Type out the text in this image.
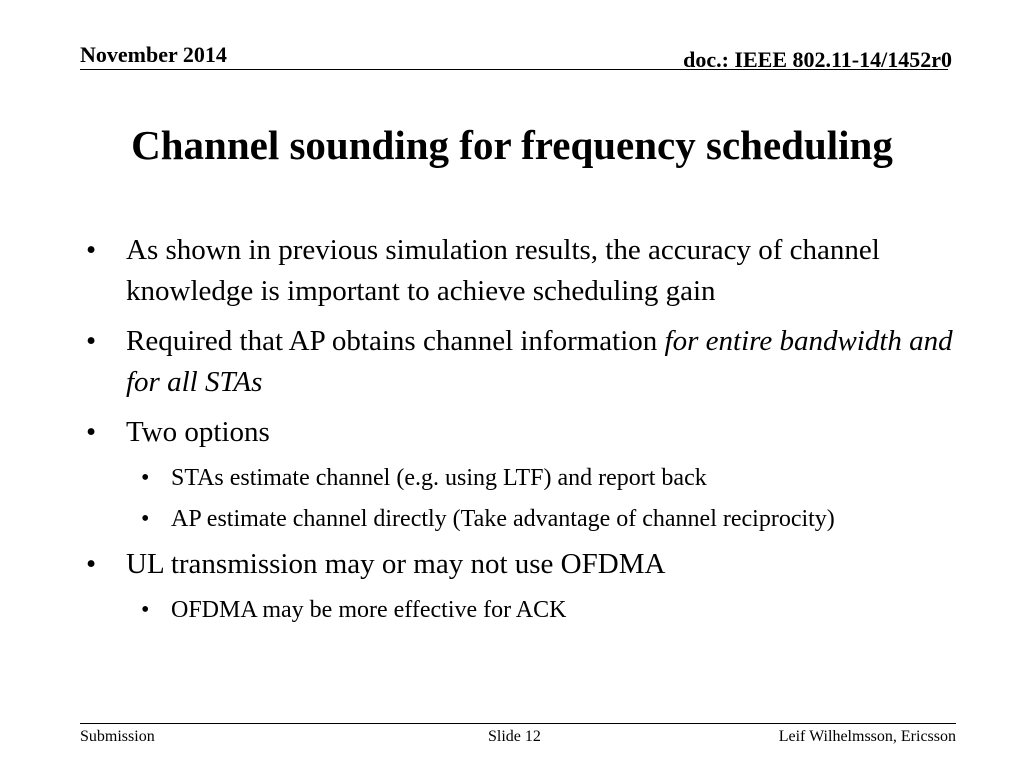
November 2014	doc.: IEEE 802.11-14/1452r0
Channel sounding for frequency scheduling
•	As shown in previous simulation results, the accuracy of channel knowledge is important to achieve scheduling gain
•	Required that AP obtains channel information for entire bandwidth and for all STAs
•	Two options
• STAs estimate channel (e.g. using LTF) and report back
• AP estimate channel directly (Take advantage of channel reciprocity)
•	UL transmission may or may not use OFDMA
• OFDMA may be more effective for ACK
Submission	Slide 12	Leif Wilhelmsson, Ericsson
